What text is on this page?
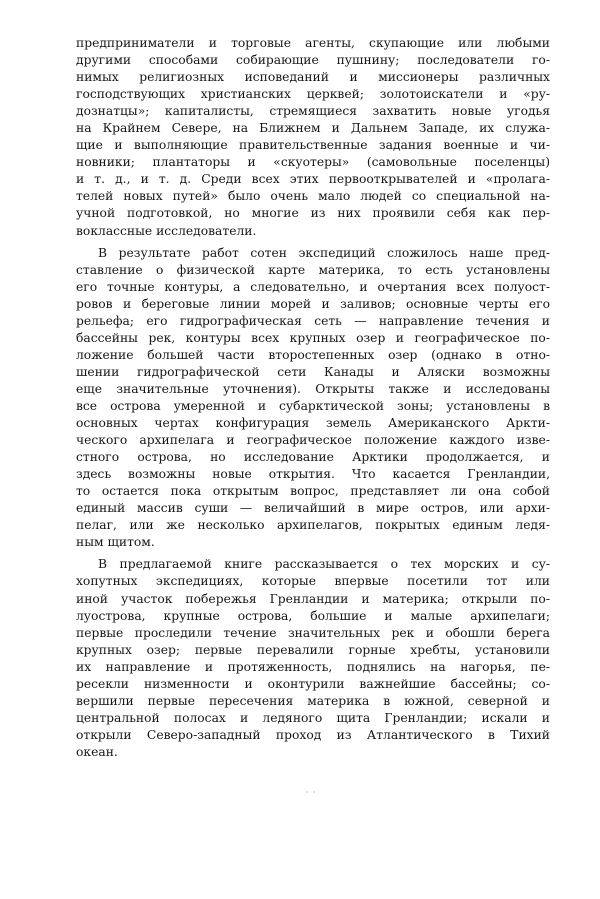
предприниматели и торговые агенты, скупающие или любыми
другими способами собирающие пушнину; последователи го-
нимых религиозных исповеданий и миссионеры различных
господствующих христианских церквей; золотоискатели и «ру-
дознатцы»; капиталисты, стремящиеся захватить новые угодья
на Крайнем Севере, на Ближнем и Дальнем Западе, их служа-
щие и выполняющие правительственные задания военные и чи-
новники; плантаторы и «скуотеры» (самовольные поселенцы)
и т. д., и т. д. Среди всех этих первооткрывателей и «пролага-
телей новых путей» было очень мало людей со специальной на-
учной подготовкой, но многие из них проявили себя как пер-
воклассные исследователи.
В результате работ сотен экспедиций сложилось наше пред-
ставление о физической карте материка, то есть установлены
его точные контуры, а следовательно, и очертания всех полуост-
ровов и береговые линии морей и заливов; основные черты его
рельефа; его гидрографическая сеть — направление течения и
бассейны рек, контуры всех крупных озер и географическое по-
ложение большей части второстепенных озер (однако в отно-
шении гидрографической сети Канады и Аляски возможны
еще значительные уточнения). Открыты также и исследованы
все острова умеренной и субарктической зоны; установлены в
основных чертах конфигурация земель Американского Аркти-
ческого архипелага и географическое положение каждого изве-
стного острова, но исследование Арктики продолжается, и
здесь возможны новые открытия. Что касается Гренландии,
то остается пока открытым вопрос, представляет ли она собой
единый массив суши — величайший в мире остров, или архи-
пелаг, или же несколько архипелагов, покрытых единым ледя-
ным щитом.
В предлагаемой книге рассказывается о тех морских и су-
хопутных экспедициях, которые впервые посетили тот или
иной участок побережья Гренландии и материка; открыли по-
луострова, крупные острова, большие и малые архипелаги;
первые проследили течение значительных рек и обошли берега
крупных озер; первые перевалили горные хребты, установили
их направление и протяженность, поднялись на нагорья, пе-
ресекли низменности и оконтурили важнейшие бассейны; со-
вершили первые пересечения материка в южной, северной и
центральной полосах и ледяного щита Гренландии; искали и
открыли Северо-западный проход из Атлантического в Тихий
океан.
· ·
